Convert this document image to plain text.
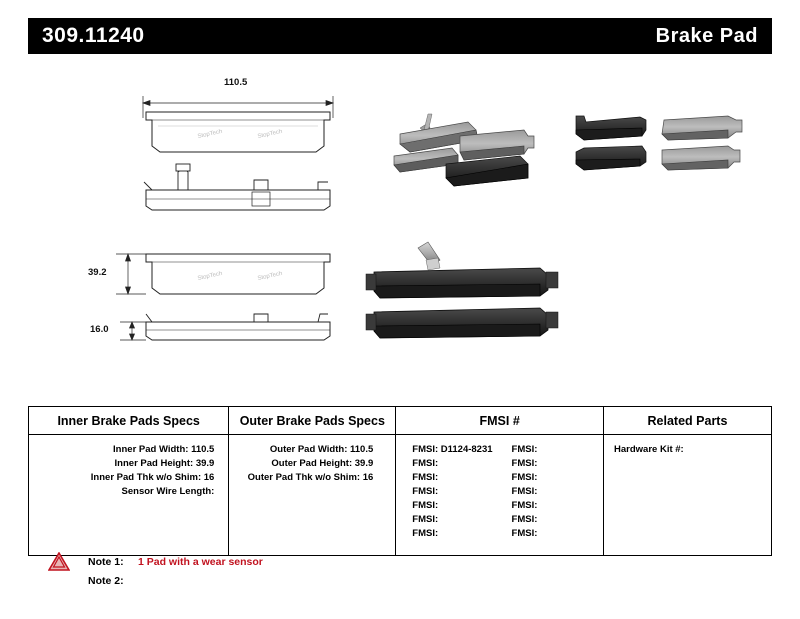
309.11240	Brake Pad
StopTech	StopTech
StopTech	StopTech
110.5
39.2
16.0
Inner Brake Pads Specs	Outer Brake Pads Specs	FMSI #	Related Parts
Inner Pad Width: 110.5
Inner Pad Height: 39.9
Inner Pad Thk w/o Shim: 16
Sensor Wire Length:
Outer Pad Width: 110.5
Outer Pad Height: 39.9
Outer Pad Thk w/o Shim: 16
FMSI: D1124-8231	FMSI:
FMSI:	FMSI:
FMSI:	FMSI:
FMSI:	FMSI:
FMSI:	FMSI:
FMSI:	FMSI:
FMSI:	FMSI:
Hardware Kit #:
Note 1:	1 Pad with a wear sensor
Note 2:
